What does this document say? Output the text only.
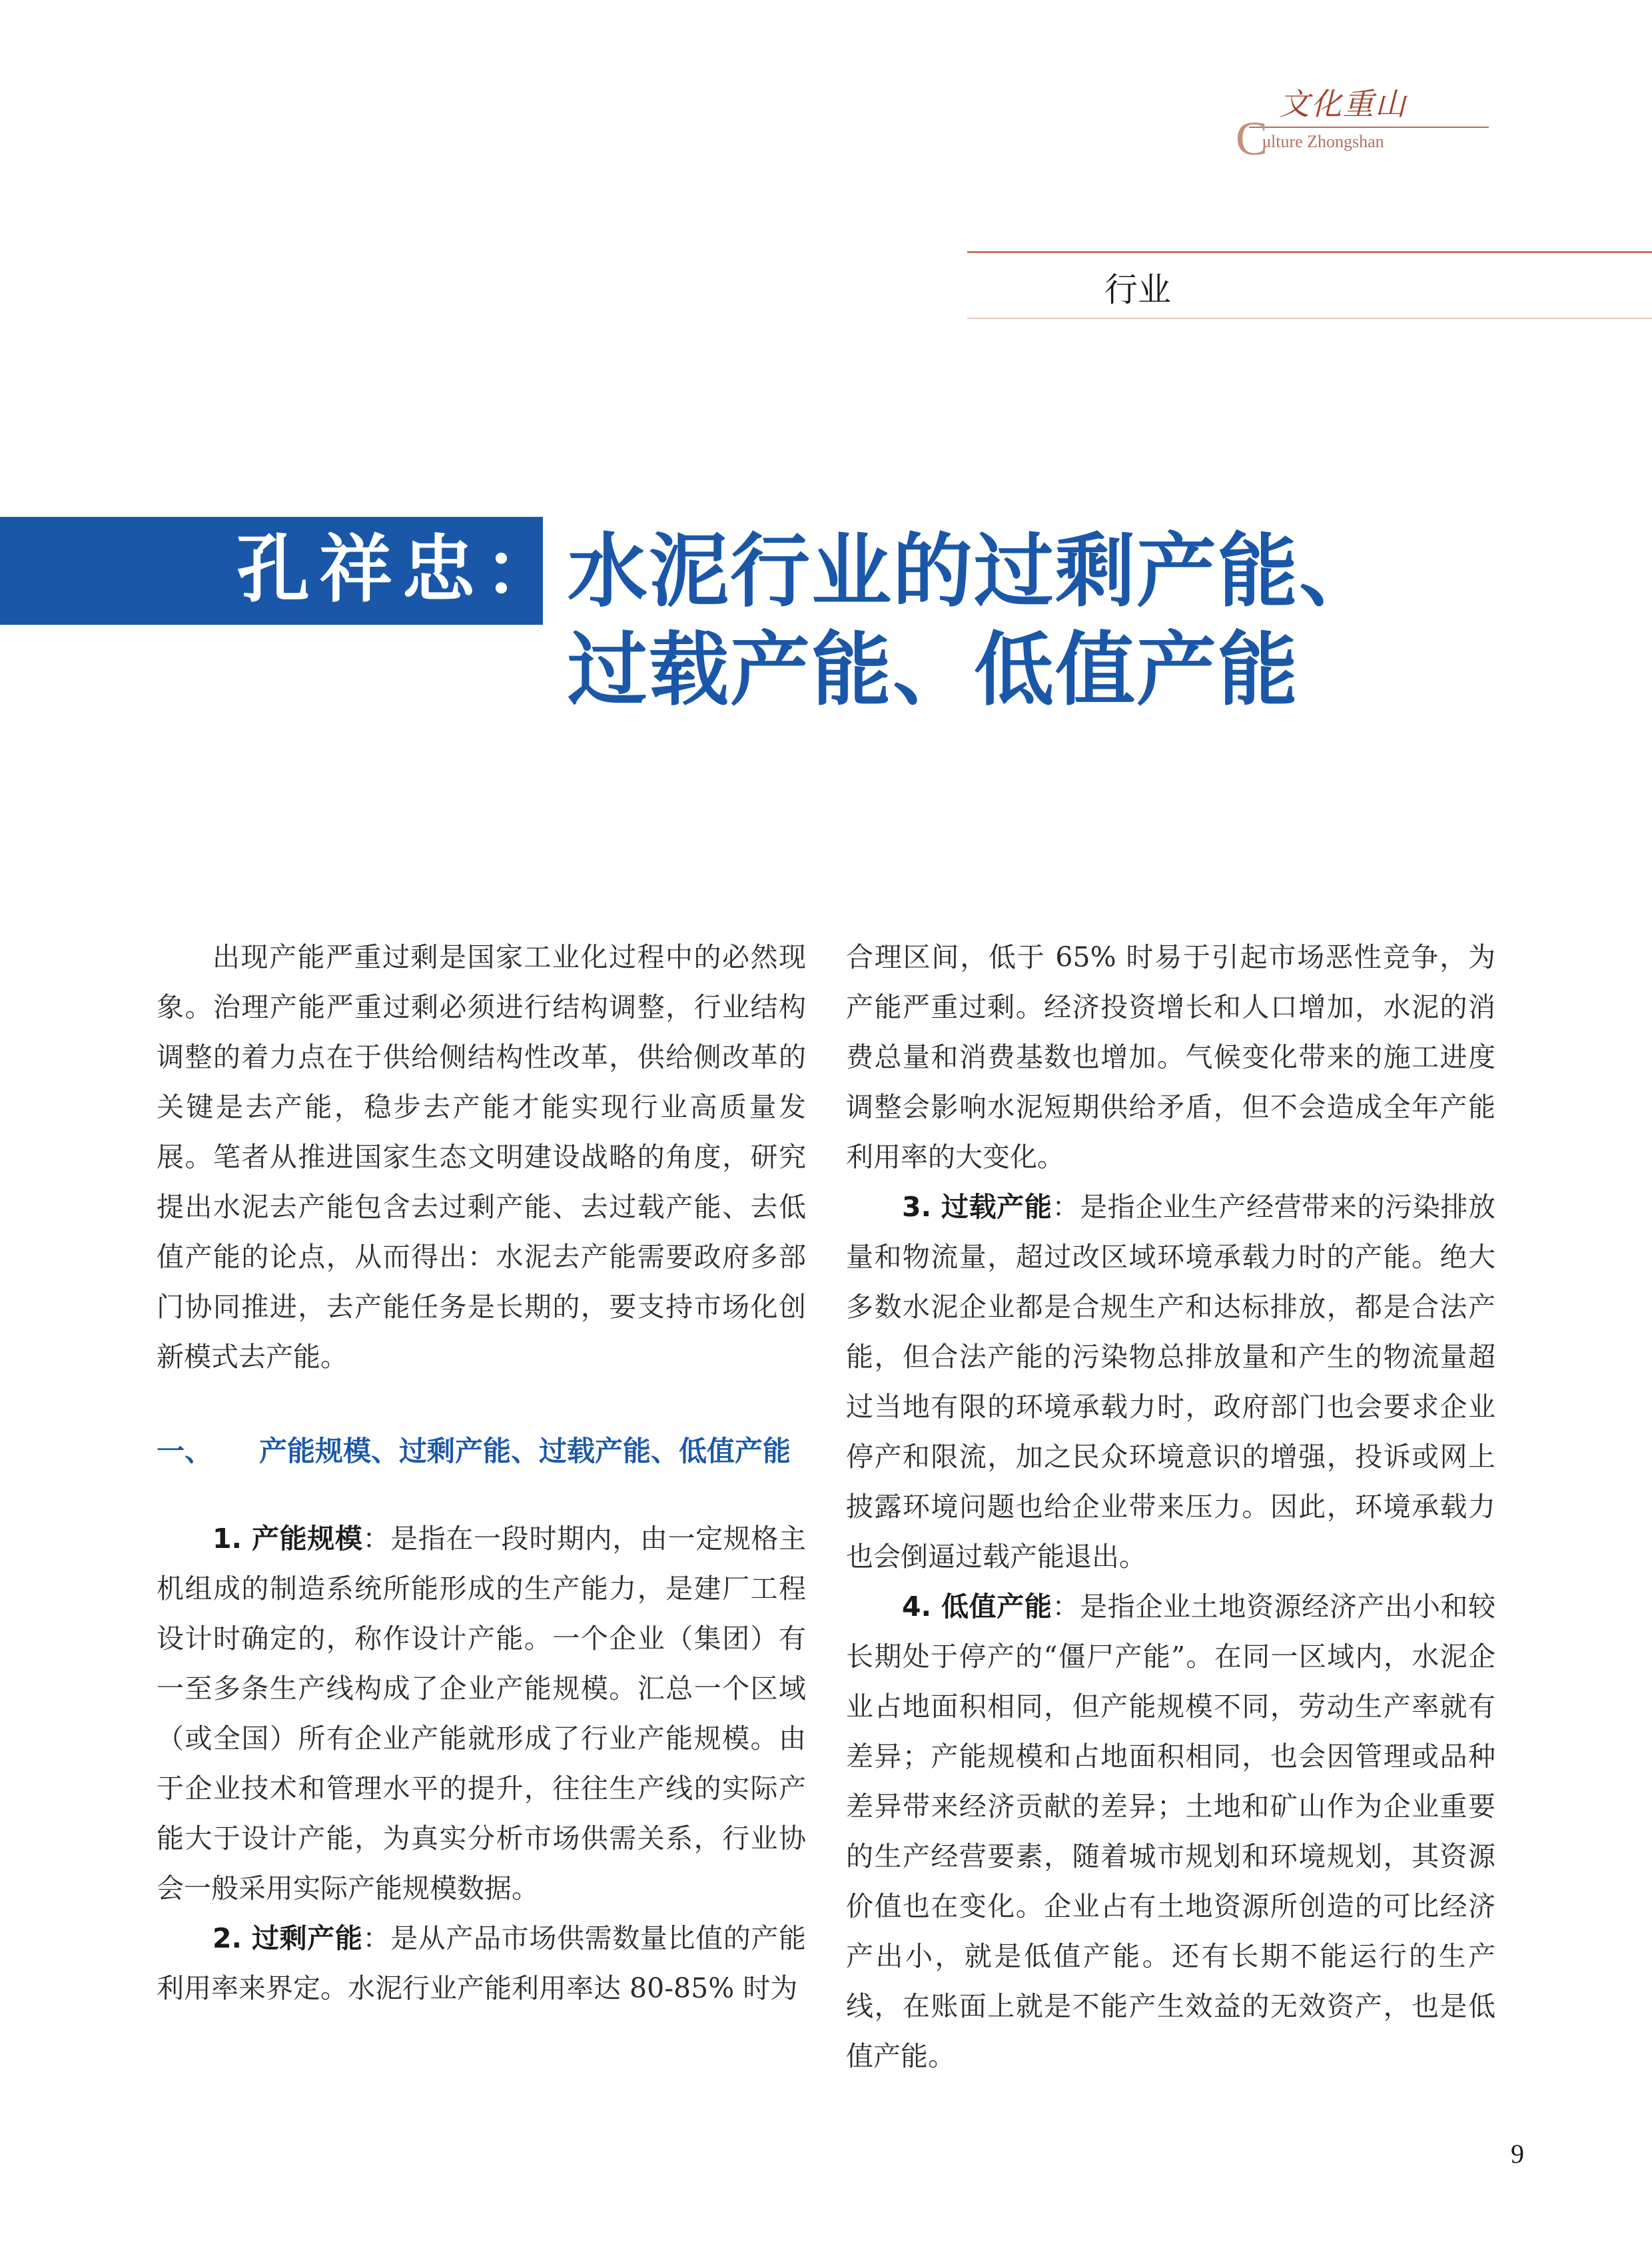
文化重山
C
ulture Zhongshan
行业
孔祥忠： 水泥行业的过剩产能、
过载产能、低值产能

出现产能严重过剩是国家工业化过程中的必然现象。治理产能严重过剩必须进行结构调整，行业结构调整的着力点在于供给侧结构性改革，供给侧改革的关键是去产能，稳步去产能才能实现行业高质量发展。笔者从推进国家生态文明建设战略的角度，研究提出水泥去产能包含去过剩产能、去过载产能、去低值产能的论点，从而得出：水泥去产能需要政府多部门协同推进，去产能任务是长期的，要支持市场化创新模式去产能。

一、 产能规模、过剩产能、过载产能、低值产能

1. 产能规模：是指在一段时期内，由一定规格主机组成的制造系统所能形成的生产能力，是建厂工程设计时确定的，称作设计产能。一个企业（集团）有一至多条生产线构成了企业产能规模。汇总一个区域（或全国）所有企业产能就形成了行业产能规模。由于企业技术和管理水平的提升，往往生产线的实际产能大于设计产能，为真实分析市场供需关系，行业协会一般采用实际产能规模数据。

2. 过剩产能：是从产品市场供需数量比值的产能利用率来界定。水泥行业产能利用率达 80-85% 时为

合理区间，低于 65% 时易于引起市场恶性竞争，为产能严重过剩。经济投资增长和人口增加，水泥的消费总量和消费基数也增加。气候变化带来的施工进度调整会影响水泥短期供给矛盾，但不会造成全年产能利用率的大变化。

3. 过载产能：是指企业生产经营带来的污染排放量和物流量，超过改区域环境承载力时的产能。绝大多数水泥企业都是合规生产和达标排放，都是合法产能，但合法产能的污染物总排放量和产生的物流量超过当地有限的环境承载力时，政府部门也会要求企业停产和限流，加之民众环境意识的增强，投诉或网上披露环境问题也给企业带来压力。因此，环境承载力也会倒逼过载产能退出。

4. 低值产能：是指企业土地资源经济产出小和较长期处于停产的“僵尸产能”。在同一区域内，水泥企业占地面积相同，但产能规模不同，劳动生产率就有差异；产能规模和占地面积相同，也会因管理或品种差异带来经济贡献的差异；土地和矿山作为企业重要的生产经营要素，随着城市规划和环境规划，其资源价值也在变化。企业占有土地资源所创造的可比经济产出小，就是低值产能。还有长期不能运行的生产线，在账面上就是不能产生效益的无效资产，也是低值产能。

9
